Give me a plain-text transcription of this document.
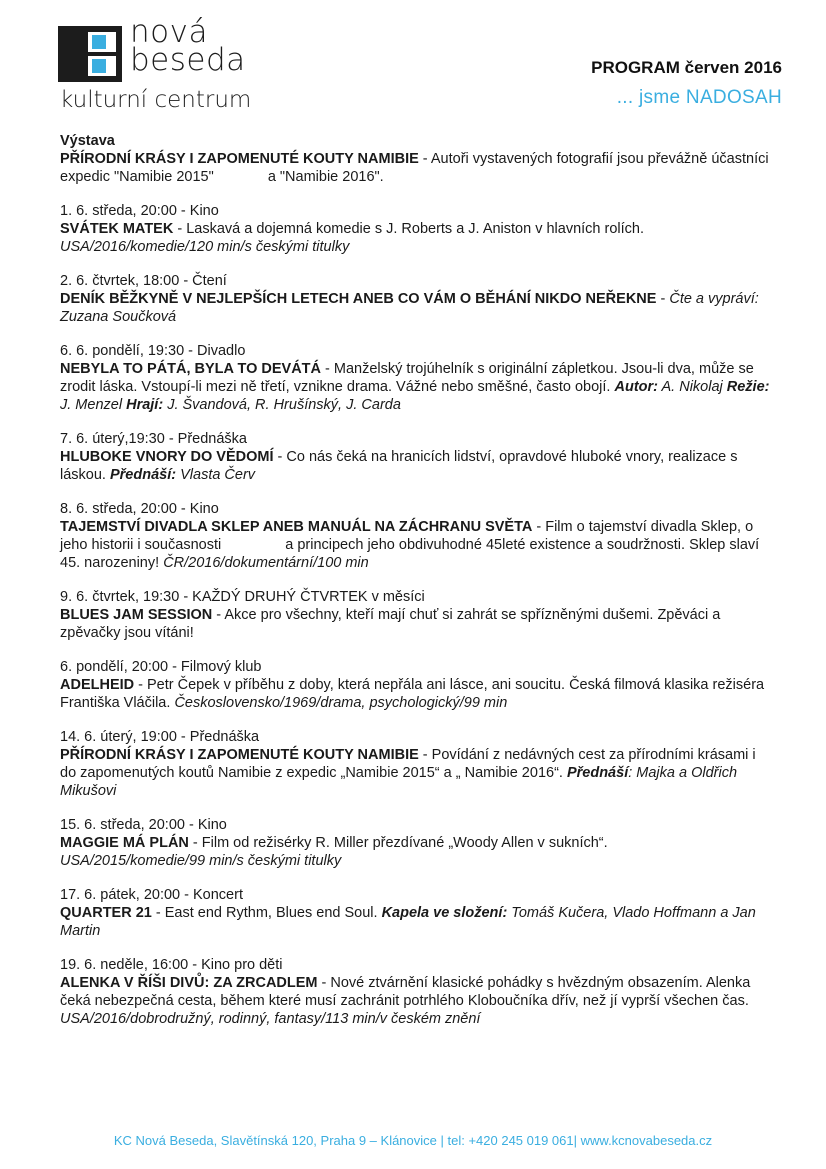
nová
beseda
kulturní centrum
PROGRAM červen 2016
... jsme NADOSAH
Výstava
PŘÍRODNÍ KRÁSY I ZAPOMENUTÉ KOUTY NAMIBIE - Autoři vystavených fotografií jsou převážně účastníci expedic "Namibie 2015"	a "Namibie 2016".
1. 6. středa, 20:00 - Kino
SVÁTEK MATEK - Laskavá a dojemná komedie s J. Roberts a J. Aniston v hlavních rolích.
USA/2016/komedie/120 min/s českými titulky
2. 6. čtvrtek, 18:00 - Čtení
DENÍK BĚŽKYNĚ V NEJLEPŠÍCH LETECH ANEB CO VÁM O BĚHÁNÍ NIKDO NEŘEKNE - Čte a vypráví: Zuzana Součková
6. 6. pondělí, 19:30 - Divadlo
NEBYLA TO PÁTÁ, BYLA TO DEVÁTÁ - Manželský trojúhelník s originální zápletkou. Jsou-li dva, může se zrodit láska. Vstoupí-li mezi ně třetí, vznikne drama. Vážné nebo směšné, často obojí. Autor: A. Nikolaj Režie: J. Menzel Hrají: J. Švandová, R. Hrušínský, J. Carda
7. 6. úterý,19:30 - Přednáška
HLUBOKE VNORY DO VĚDOMÍ - Co nás čeká na hranicích lidství, opravdové hluboké vnory, realizace s láskou. Přednáší: Vlasta Červ
8. 6. středa, 20:00 - Kino
TAJEMSTVÍ DIVADLA SKLEP ANEB MANUÁL NA ZÁCHRANU SVĚTA - Film o tajemství divadla Sklep, o jeho historii i současnosti	a principech jeho obdivuhodné 45leté existence a soudržnosti. Sklep slaví 45. narozeniny! ČR/2016/dokumentární/100 min
9. 6. čtvrtek, 19:30 - KAŽDÝ DRUHÝ ČTVRTEK v měsíci
BLUES JAM SESSION - Akce pro všechny, kteří mají chuť si zahrát se spřízněnými dušemi. Zpěváci a zpěvačky jsou vítáni!
6. pondělí, 20:00 - Filmový klub
ADELHEID - Petr Čepek v příběhu z doby, která nepřála ani lásce, ani soucitu. Česká filmová klasika režiséra Františka Vláčila. Československo/1969/drama, psychologický/99 min
14. 6. úterý, 19:00 - Přednáška
PŘÍRODNÍ KRÁSY I ZAPOMENUTÉ KOUTY NAMIBIE - Povídání z nedávných cest za přírodními krásami i do zapomenutých koutů Namibie z expedic „Namibie 2015“ a „ Namibie 2016“. Přednáší: Majka a Oldřich Mikušovi
15. 6. středa, 20:00 - Kino
MAGGIE MÁ PLÁN - Film od režisérky R. Miller přezdívané „Woody Allen v sukních“.
USA/2015/komedie/99 min/s českými titulky
17. 6. pátek, 20:00 - Koncert
QUARTER 21 - East end Rythm, Blues end Soul. Kapela ve složení: Tomáš Kučera, Vlado Hoffmann a Jan Martin
19. 6. neděle, 16:00 - Kino pro děti
ALENKA V ŘÍŠI DIVŮ: ZA ZRCADLEM - Nové ztvárnění klasické pohádky s hvězdným obsazením. Alenka čeká nebezpečná cesta, během které musí zachránit potrhlého Kloboučníka dřív, než jí vyprší všechen čas. USA/2016/dobrodružný, rodinný, fantasy/113 min/v českém znění
KC Nová Beseda, Slavětínská 120, Praha 9 – Klánovice | tel: +420 245 019 061| www.kcnovabeseda.cz
